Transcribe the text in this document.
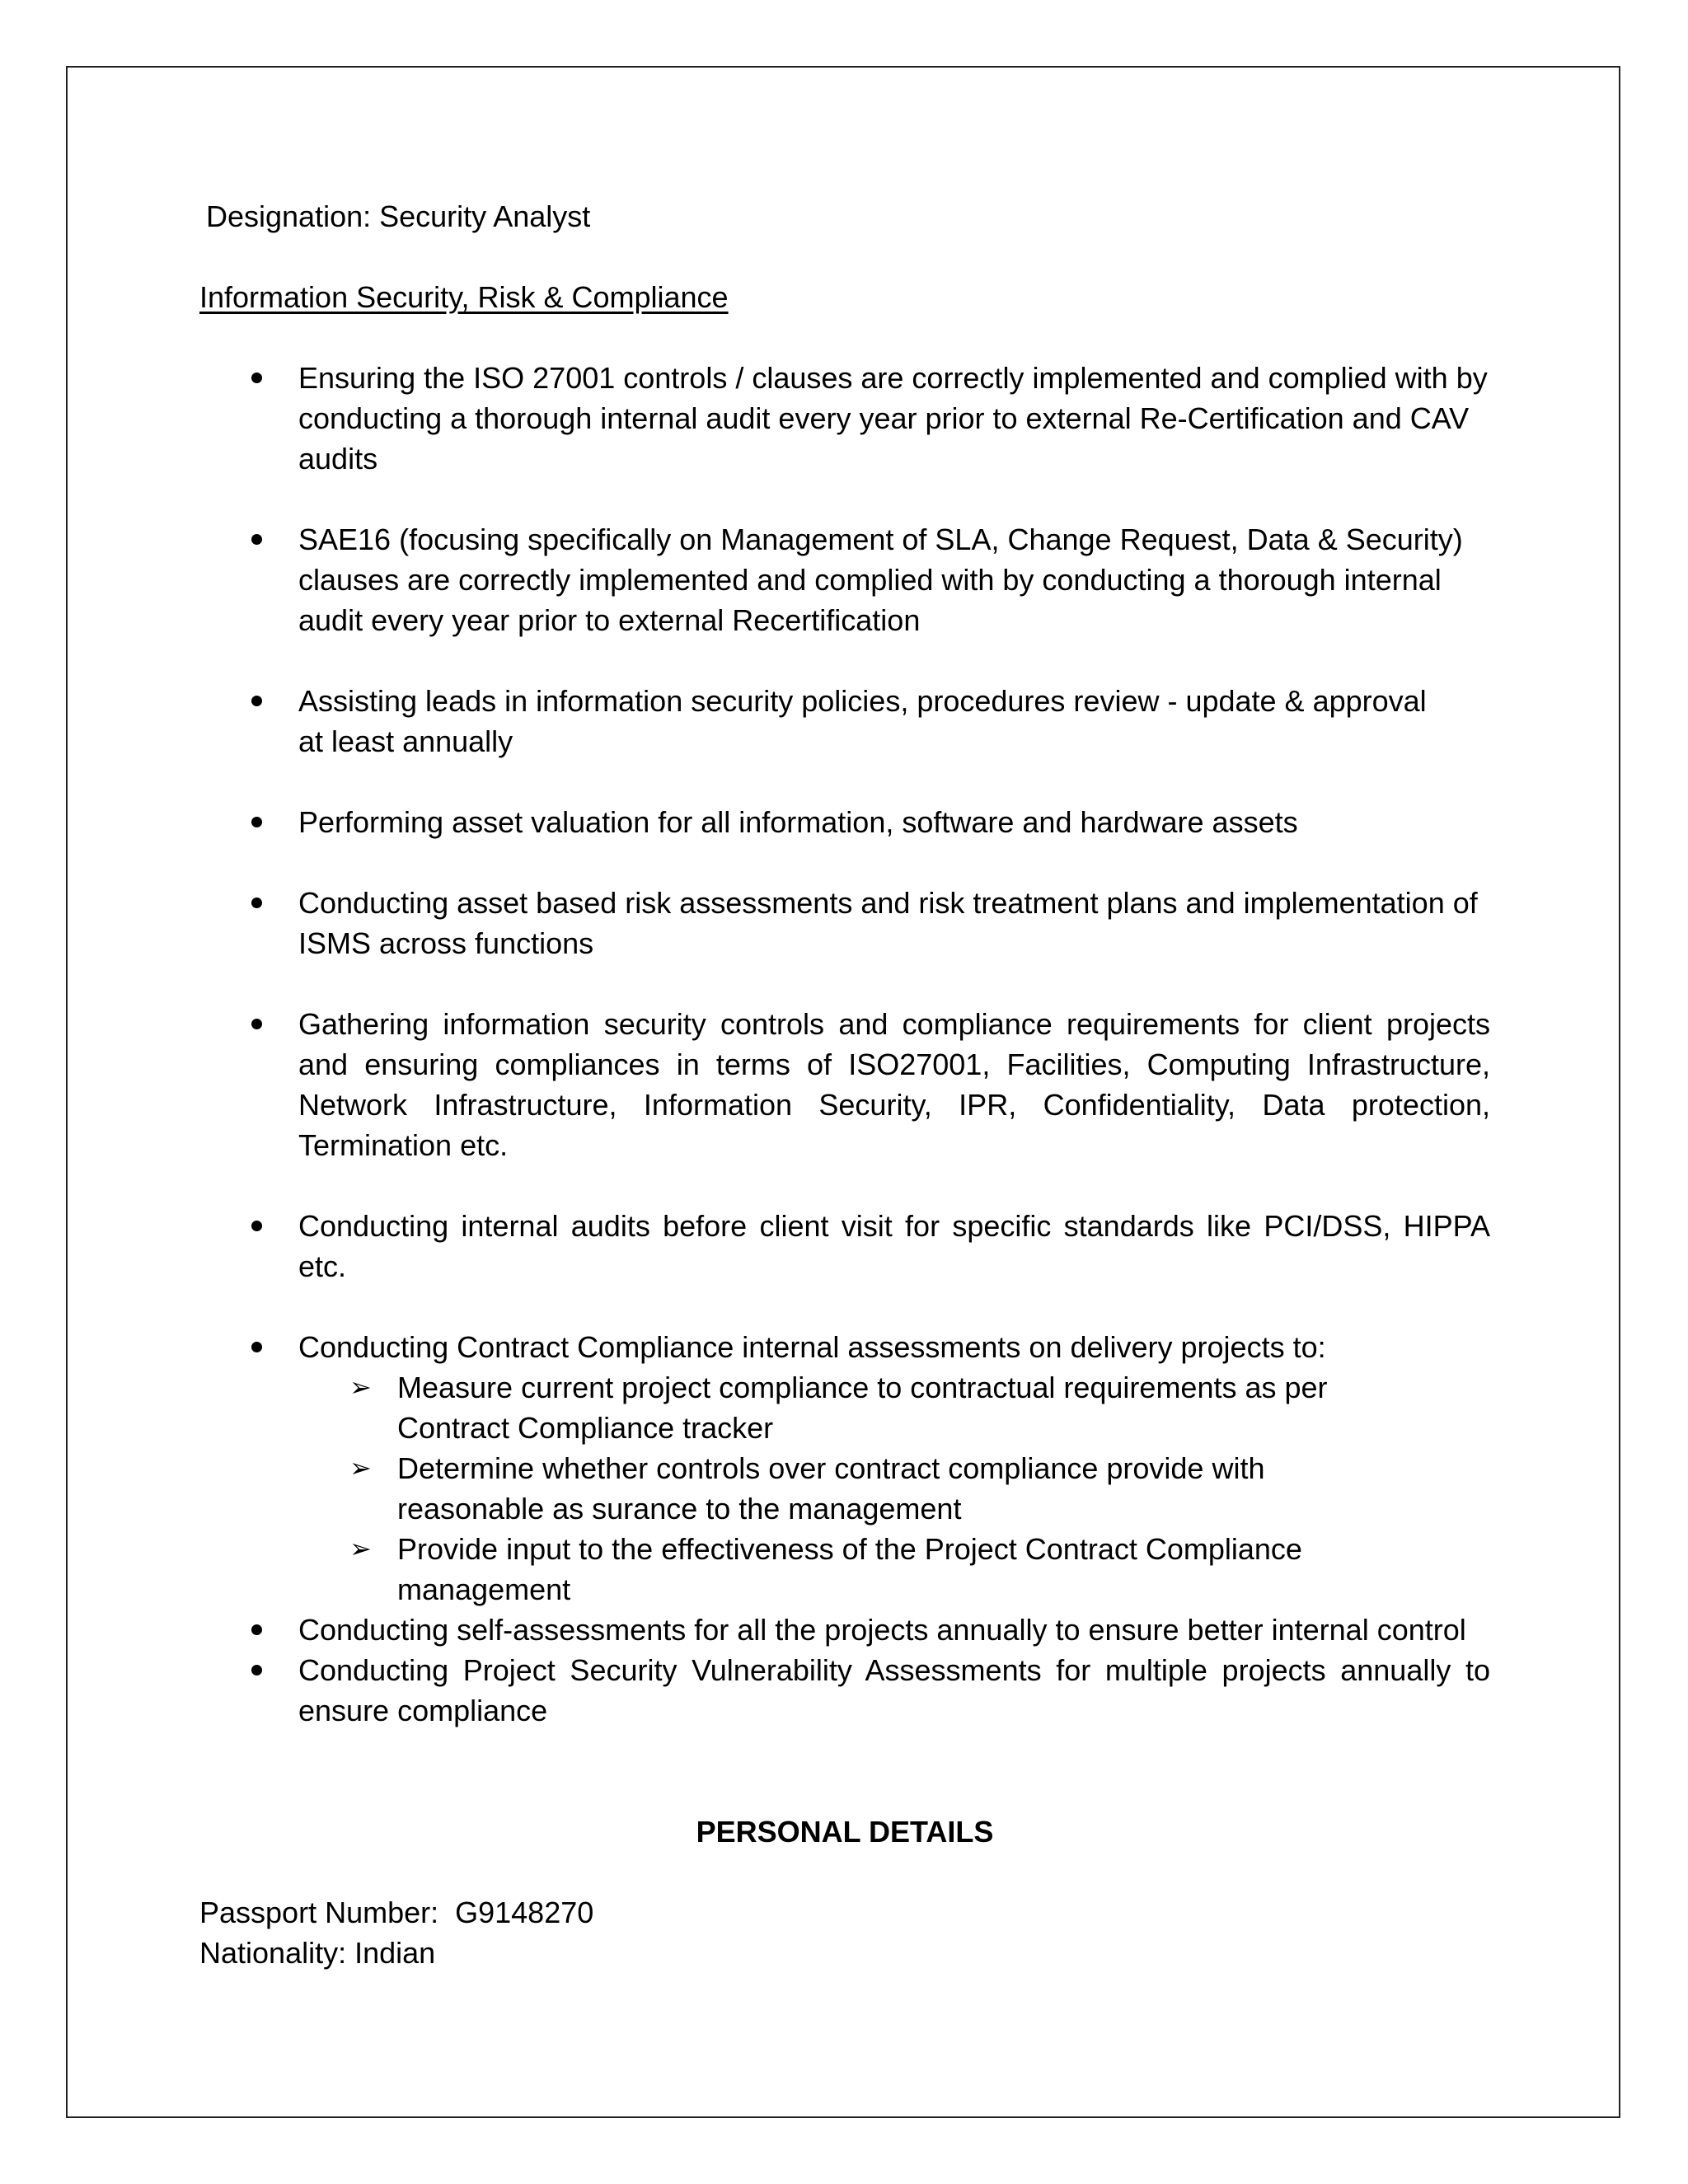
Designation: Security Analyst

Information Security, Risk & Compliance

Ensuring the ISO 27001 controls / clauses are correctly implemented and complied with by conducting a thorough internal audit every year prior to external Re-Certification and CAV audits
SAE16 (focusing specifically on Management of SLA, Change Request, Data & Security) clauses are correctly implemented and complied with by conducting a thorough internal audit every year prior to external Recertification
Assisting leads in information security policies, procedures review - update & approval at least annually
Performing asset valuation for all information, software and hardware assets
Conducting asset based risk assessments and risk treatment plans and implementation of ISMS across functions
Gathering information security controls and compliance requirements for client projects and ensuring compliances in terms of ISO27001, Facilities, Computing Infrastructure, Network Infrastructure, Information Security, IPR, Confidentiality, Data protection, Termination etc.
Conducting internal audits before client visit for specific standards like PCI/DSS, HIPPA etc.
Conducting Contract Compliance internal assessments on delivery projects to:
➢ Measure current project compliance to contractual requirements as per Contract Compliance tracker
➢ Determine whether controls over contract compliance provide with reasonable as surance to the management
➢ Provide input to the effectiveness of the Project Contract Compliance management
Conducting self-assessments for all the projects annually to ensure better internal control
Conducting Project Security Vulnerability Assessments for multiple projects annually to ensure compliance

PERSONAL DETAILS

Passport Number:  G9148270

Nationality: Indian
